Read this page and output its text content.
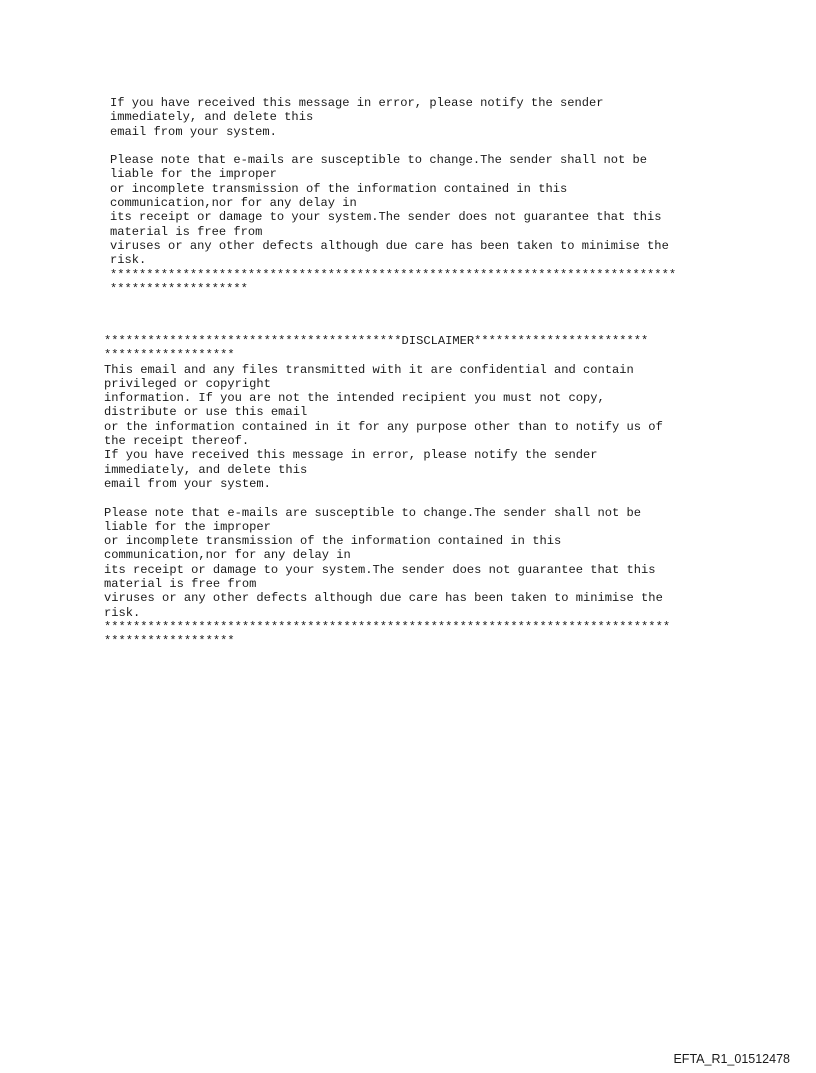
If you have received this message in error, please notify the sender
immediately, and delete this
email from your system.

Please note that e-mails are susceptible to change.The sender shall not be
liable for the improper
or incomplete transmission of the information contained in this
communication,nor for any delay in
its receipt or damage to your system.The sender does not guarantee that this
material is free from
viruses or any other defects although due care has been taken to minimise the
risk.

******************************************************************************
*******************

*****************************************DISCLAIMER************************
******************

This email and any files transmitted with it are confidential and contain
privileged or copyright
information. If you are not the intended recipient you must not copy,
distribute or use this email
or the information contained in it for any purpose other than to notify us of
the receipt thereof.
If you have received this message in error, please notify the sender
immediately, and delete this
email from your system.

Please note that e-mails are susceptible to change.The sender shall not be
liable for the improper
or incomplete transmission of the information contained in this
communication,nor for any delay in
its receipt or damage to your system.The sender does not guarantee that this
material is free from
viruses or any other defects although due care has been taken to minimise the
risk.

******************************************************************************
******************

EFTA_R1_01512478
